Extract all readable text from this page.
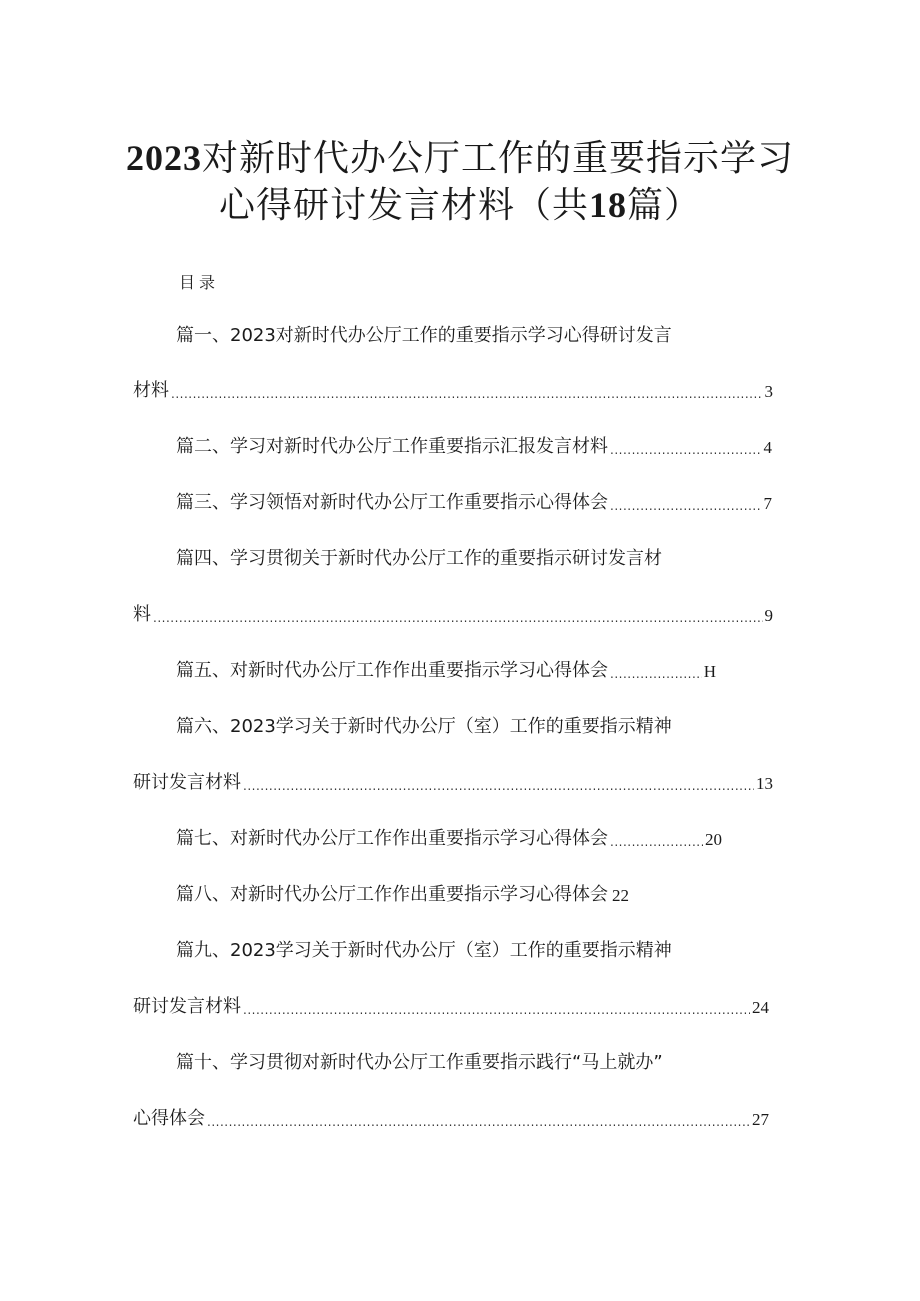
2023对新时代办公厅工作的重要指示学习
心得研讨发言材料（共18篇）
目录
篇一、2023对新时代办公厅工作的重要指示学习心得研讨发言
材料 .....	3
篇二、学习对新时代办公厅工作重要指示汇报发言材料 .....	4
篇三、学习领悟对新时代办公厅工作重要指示心得体会 .....	7
篇四、学习贯彻关于新时代办公厅工作的重要指示研讨发言材
料 .....	9
篇五、对新时代办公厅工作作出重要指示学习心得体会 .....	H
篇六、2023学习关于新时代办公厅（室）工作的重要指示精神
研讨发言材料 .....	13
篇七、对新时代办公厅工作作出重要指示学习心得体会 .....	20
篇八、对新时代办公厅工作作出重要指示学习心得体会 22
篇九、2023学习关于新时代办公厅（室）工作的重要指示精神
研讨发言材料 .....	24
篇十、学习贯彻对新时代办公厅工作重要指示践行“马上就办”
心得体会 .....	27
